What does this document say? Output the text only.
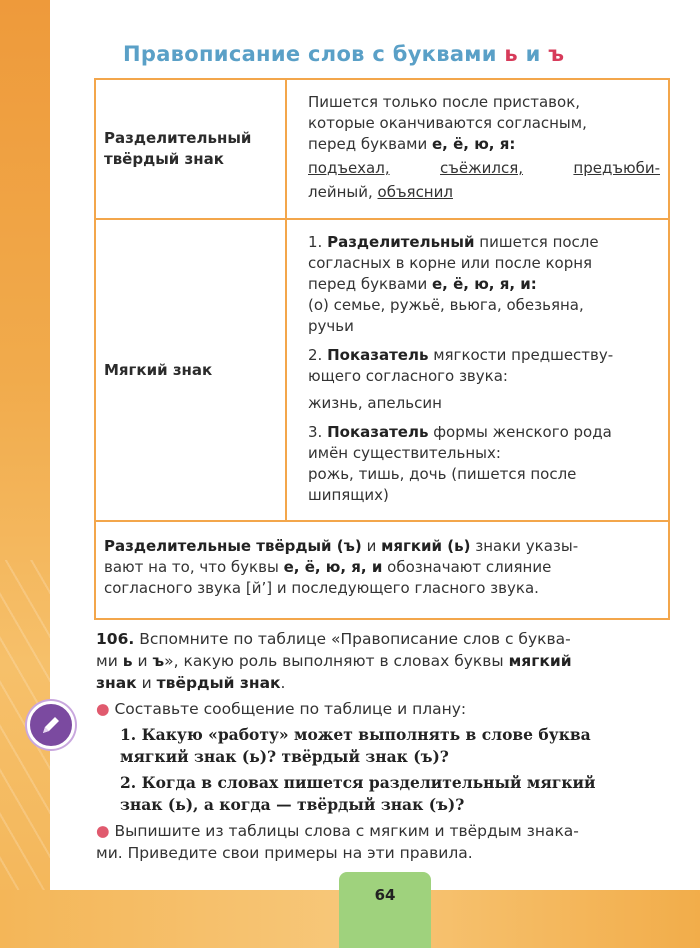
Правописание слов с буквами ь и ъ
Разделительный
твёрдый знак
Пишется только после приставок,
которые оканчиваются согласным,
перед буквами е, ё, ю, я:
подъехал,	съёжился,	предъюби-
лейный, объяснил
Мягкий знак
1. Разделительный пишется после
согласных в корне или после корня
перед буквами е, ё, ю, я, и:
(о) семье, ружьё, вьюга, обезьяна,
ручьи
2. Показатель мягкости предшеству-
ющего согласного звука:
жизнь, апельсин
3. Показатель формы женского рода
имён существительных:
рожь, тишь, дочь (пишется после
шипящих)
Разделительные твёрдый (ъ) и мягкий (ь) знаки указы-
вают на то, что буквы е, ё, ю, я, и обозначают слияние
согласного звука [й’] и последующего гласного звука.
106. Вспомните по таблице «Правописание слов с буква-
ми ь и ъ», какую роль выполняют в словах буквы мягкий
знак и твёрдый знак.
● Составьте сообщение по таблице и плану:
1. Какую «работу» может выполнять в слове буква
мягкий знак (ь)? твёрдый знак (ъ)?
2. Когда в словах пишется разделительный мягкий
знак (ь), а когда — твёрдый знак (ъ)?
● Выпишите из таблицы слова с мягким и твёрдым знака-
ми. Приведите свои примеры на эти правила.
64
